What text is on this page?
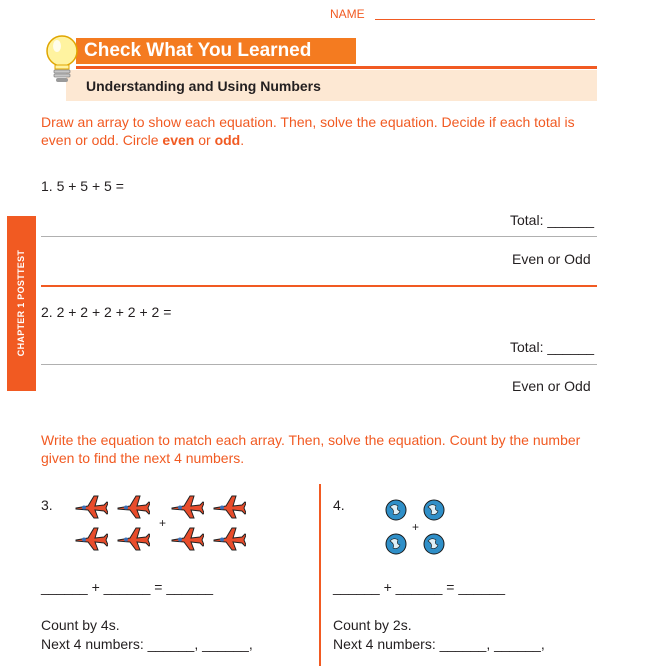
NAME
Check What You Learned
Understanding and Using Numbers
CHAPTER 1 POSTTEST
Draw an array to show each equation. Then, solve the equation. Decide if each total is even or odd. Circle even or odd.
1. 5 + 5 + 5 =
Total: ______
Even or Odd
2. 2 + 2 + 2 + 2 + 2 =
Total: ______
Even or Odd
Write the equation to match each array. Then, solve the equation. Count by the number given to find the next 4 numbers.
3.
+
______ + ______ = ______
Count by 4s.
Next 4 numbers: ______, ______,
4.
+
______ + ______ = ______
Count by 2s.
Next 4 numbers: ______, ______,
